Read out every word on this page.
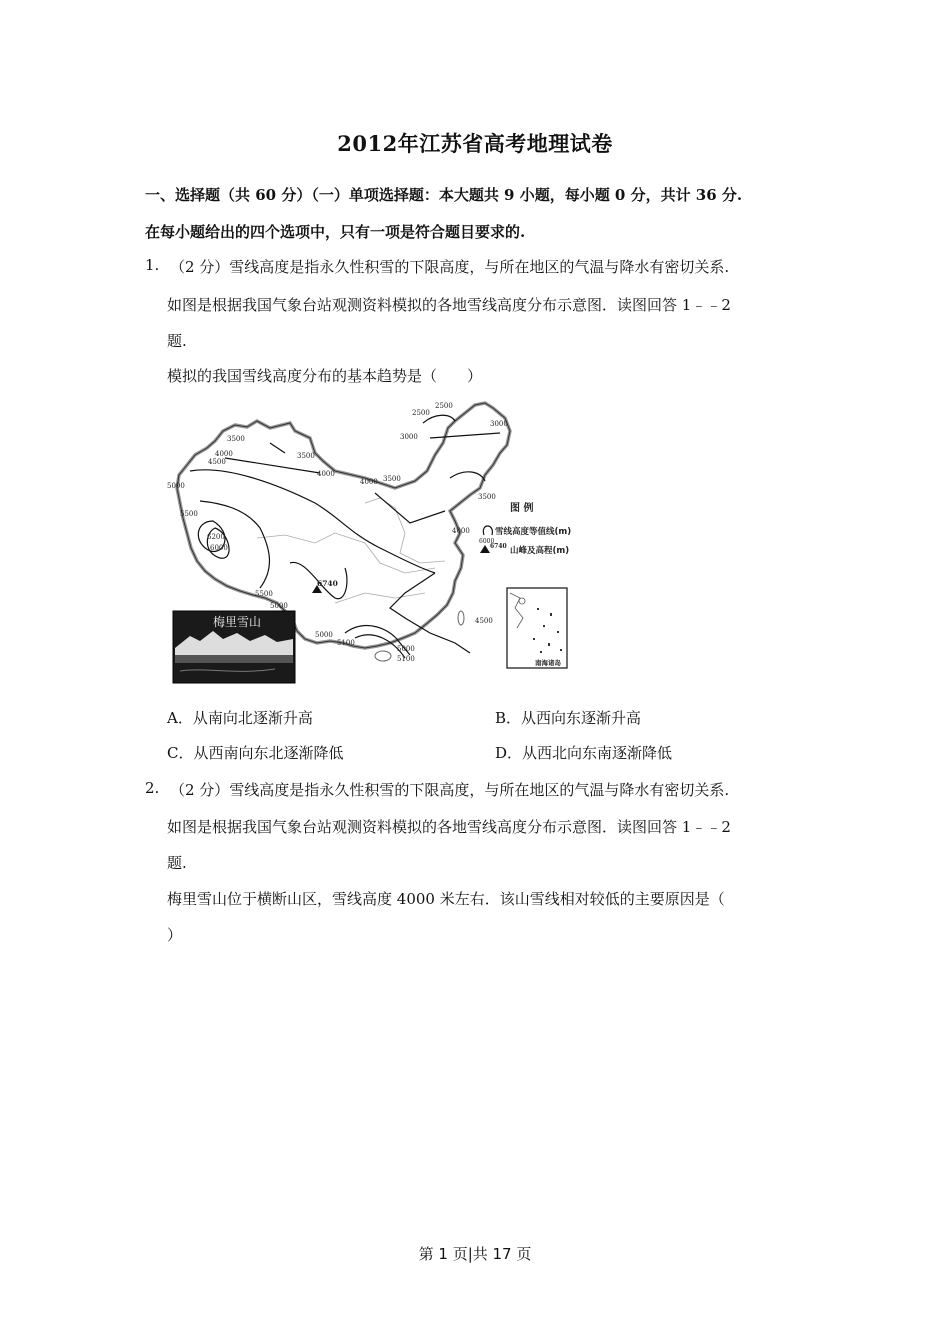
2012年江苏省高考地理试卷
一、选择题（共 60 分）（一）单项选择题：本大题共 9 小题，每小题 0 分，共计 36 分.
在每小题给出的四个选项中，只有一项是符合题目要求的.
1. （2 分）雪线高度是指永久性积雪的下限高度，与所在地区的气温与降水有密切关系.
如图是根据我国气象台站观测资料模拟的各地雪线高度分布示意图．读图回答 1﹣﹣2
题.
模拟的我国雪线高度分布的基本趋势是（　　）
2500
2500
3000
3000
3500
3500
4000
4500
4000
4000 3500
3500
4000
5000
5500
6200
6000
5500
5000
4500
5000
5100
5000
5100
6740
图 例
6000
雪线高度等值线(m)
6740 山峰及高程(m)
南海诸岛
梅里雪山
A．从南向北逐渐升高	B．从西向东逐渐升高
C．从西南向东北逐渐降低	D．从西北向东南逐渐降低
2. （2 分）雪线高度是指永久性积雪的下限高度，与所在地区的气温与降水有密切关系.
如图是根据我国气象台站观测资料模拟的各地雪线高度分布示意图．读图回答 1﹣﹣2
题.
梅里雪山位于横断山区，雪线高度 4000 米左右．该山雪线相对较低的主要原因是（
）
第 1 页|共 17 页
